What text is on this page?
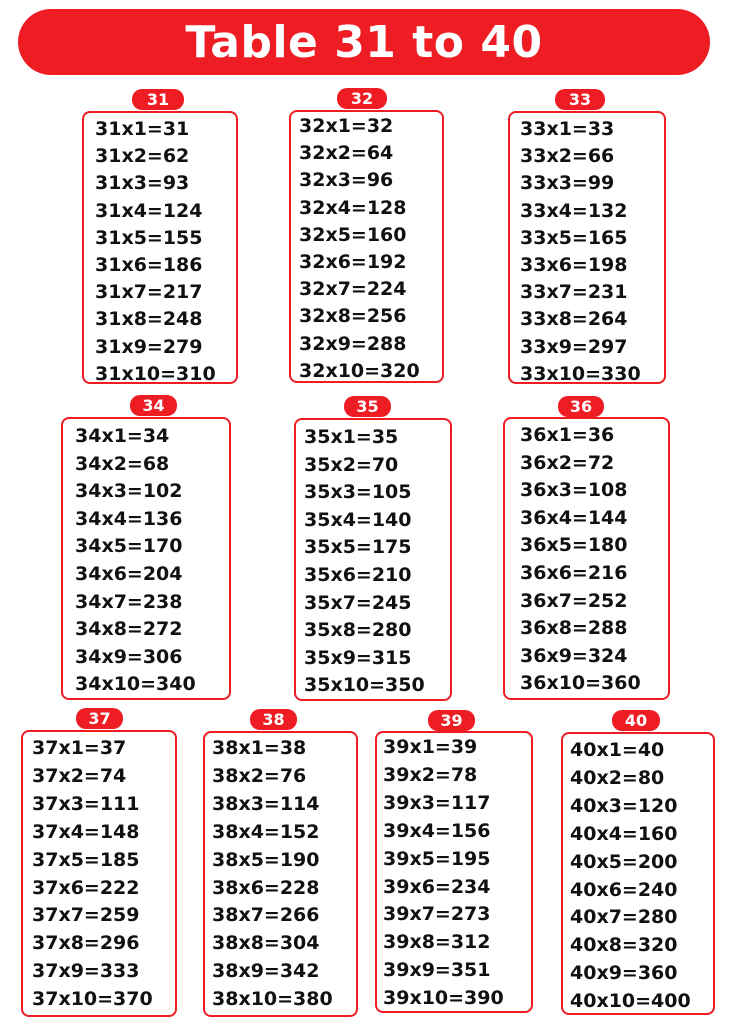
Table 31 to 40
31
31x1=31
31x2=62
31x3=93
31x4=124
31x5=155
31x6=186
31x7=217
31x8=248
31x9=279
31x10=310
32
32x1=32
32x2=64
32x3=96
32x4=128
32x5=160
32x6=192
32x7=224
32x8=256
32x9=288
32x10=320
33
33x1=33
33x2=66
33x3=99
33x4=132
33x5=165
33x6=198
33x7=231
33x8=264
33x9=297
33x10=330
34
34x1=34
34x2=68
34x3=102
34x4=136
34x5=170
34x6=204
34x7=238
34x8=272
34x9=306
34x10=340
35
35x1=35
35x2=70
35x3=105
35x4=140
35x5=175
35x6=210
35x7=245
35x8=280
35x9=315
35x10=350
36
36x1=36
36x2=72
36x3=108
36x4=144
36x5=180
36x6=216
36x7=252
36x8=288
36x9=324
36x10=360
37
37x1=37
37x2=74
37x3=111
37x4=148
37x5=185
37x6=222
37x7=259
37x8=296
37x9=333
37x10=370
38
38x1=38
38x2=76
38x3=114
38x4=152
38x5=190
38x6=228
38x7=266
38x8=304
38x9=342
38x10=380
39
39x1=39
39x2=78
39x3=117
39x4=156
39x5=195
39x6=234
39x7=273
39x8=312
39x9=351
39x10=390
40
40x1=40
40x2=80
40x3=120
40x4=160
40x5=200
40x6=240
40x7=280
40x8=320
40x9=360
40x10=400
